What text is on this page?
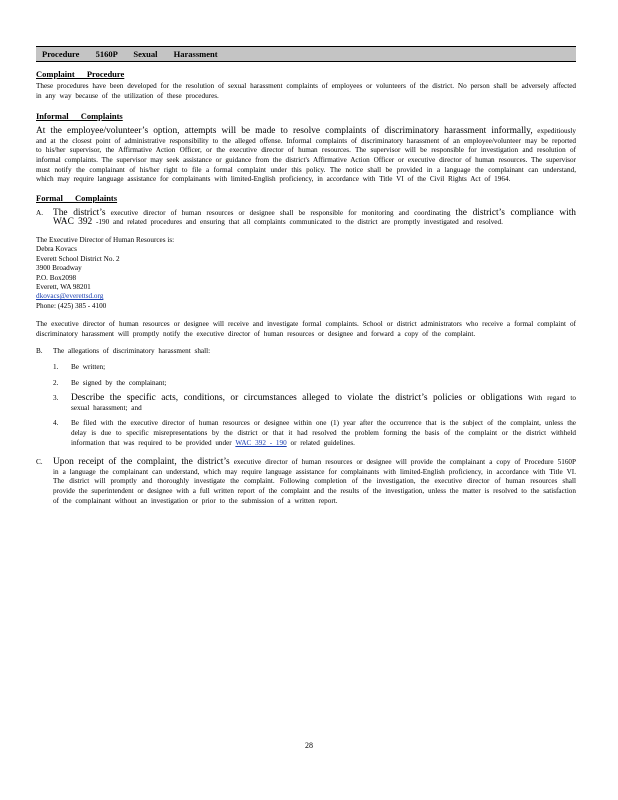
Procedure 5160P Sexual Harassment
Complaint Procedure

These procedures have been developed for the resolution of sexual harassment complaints of employees or volunteers of the district. No person shall be adversely affected in any way because of the utilization of these procedures.

Informal Complaints

At the employee/volunteer’s option, attempts will be made to resolve complaints of discriminatory harassment informally, expeditiously and at the closest point of administrative responsibility to the alleged offense. Informal complaints of discriminatory harassment of an employee/volunteer may be reported to his/her supervisor, the Affirmative Action Officer, or the executive director of human resources. The supervisor will be responsible for investigation and resolution of informal complaints. The supervisor may seek assistance or guidance from the district's Affirmative Action Officer or executive director of human resources. The supervisor must notify the complainant of his/her right to file a formal complaint under this policy. The notice shall be provided in a language the complainant can understand, which may require language assistance for complainants with limited-English proficiency, in accordance with Title VI of the Civil Rights Act of 1964.

Formal Complaints
A.	The district’s executive director of human resources or designee shall be responsible for monitoring and coordinating the district’s compliance with WAC 392 -190 and related procedures and ensuring that all complaints communicated to the district are promptly investigated and resolved.
The Executive Director of Human Resources is:
Debra Kovacs
Everett School District No. 2
3900 Broadway
P.O. Box2098
Everett, WA 98201
dkovacs@everettsd.org
Phone: (425) 385 - 4100

The executive director of human resources or designee will receive and investigate formal complaints. School or district administrators who receive a formal complaint of discriminatory harassment will promptly notify the executive director of human resources or designee and forward a copy of the complaint.

B.	The allegations of discriminatory harassment shall:
1.	Be written;
2.	Be signed by the complainant;
3.	Describe the specific acts, conditions, or circumstances alleged to violate the district’s policies or obligations with regard to sexual harassment; and
4.	Be filed with the executive director of human resources or designee within one (1) year after the occurrence that is the subject of the complaint, unless the delay is due to specific misrepresentations by the district or that it had resolved the problem forming the basis of the complaint or the district withheld information that was required to be provided under WAC 392 - 190 or related guidelines.
C.	Upon receipt of the complaint, the district’s executive director of human resources or designee will provide the complainant a copy of Procedure 5160P in a language the complainant can understand, which may require language assistance for complainants with limited-English proficiency, in accordance with Title VI. The district will promptly and thoroughly investigate the complaint. Following completion of the investigation, the executive director of human resources shall provide the superintendent or designee with a full written report of the complaint and the results of the investigation, unless the matter is resolved to the satisfaction of the complainant without an investigation or prior to the submission of a written report.
28
